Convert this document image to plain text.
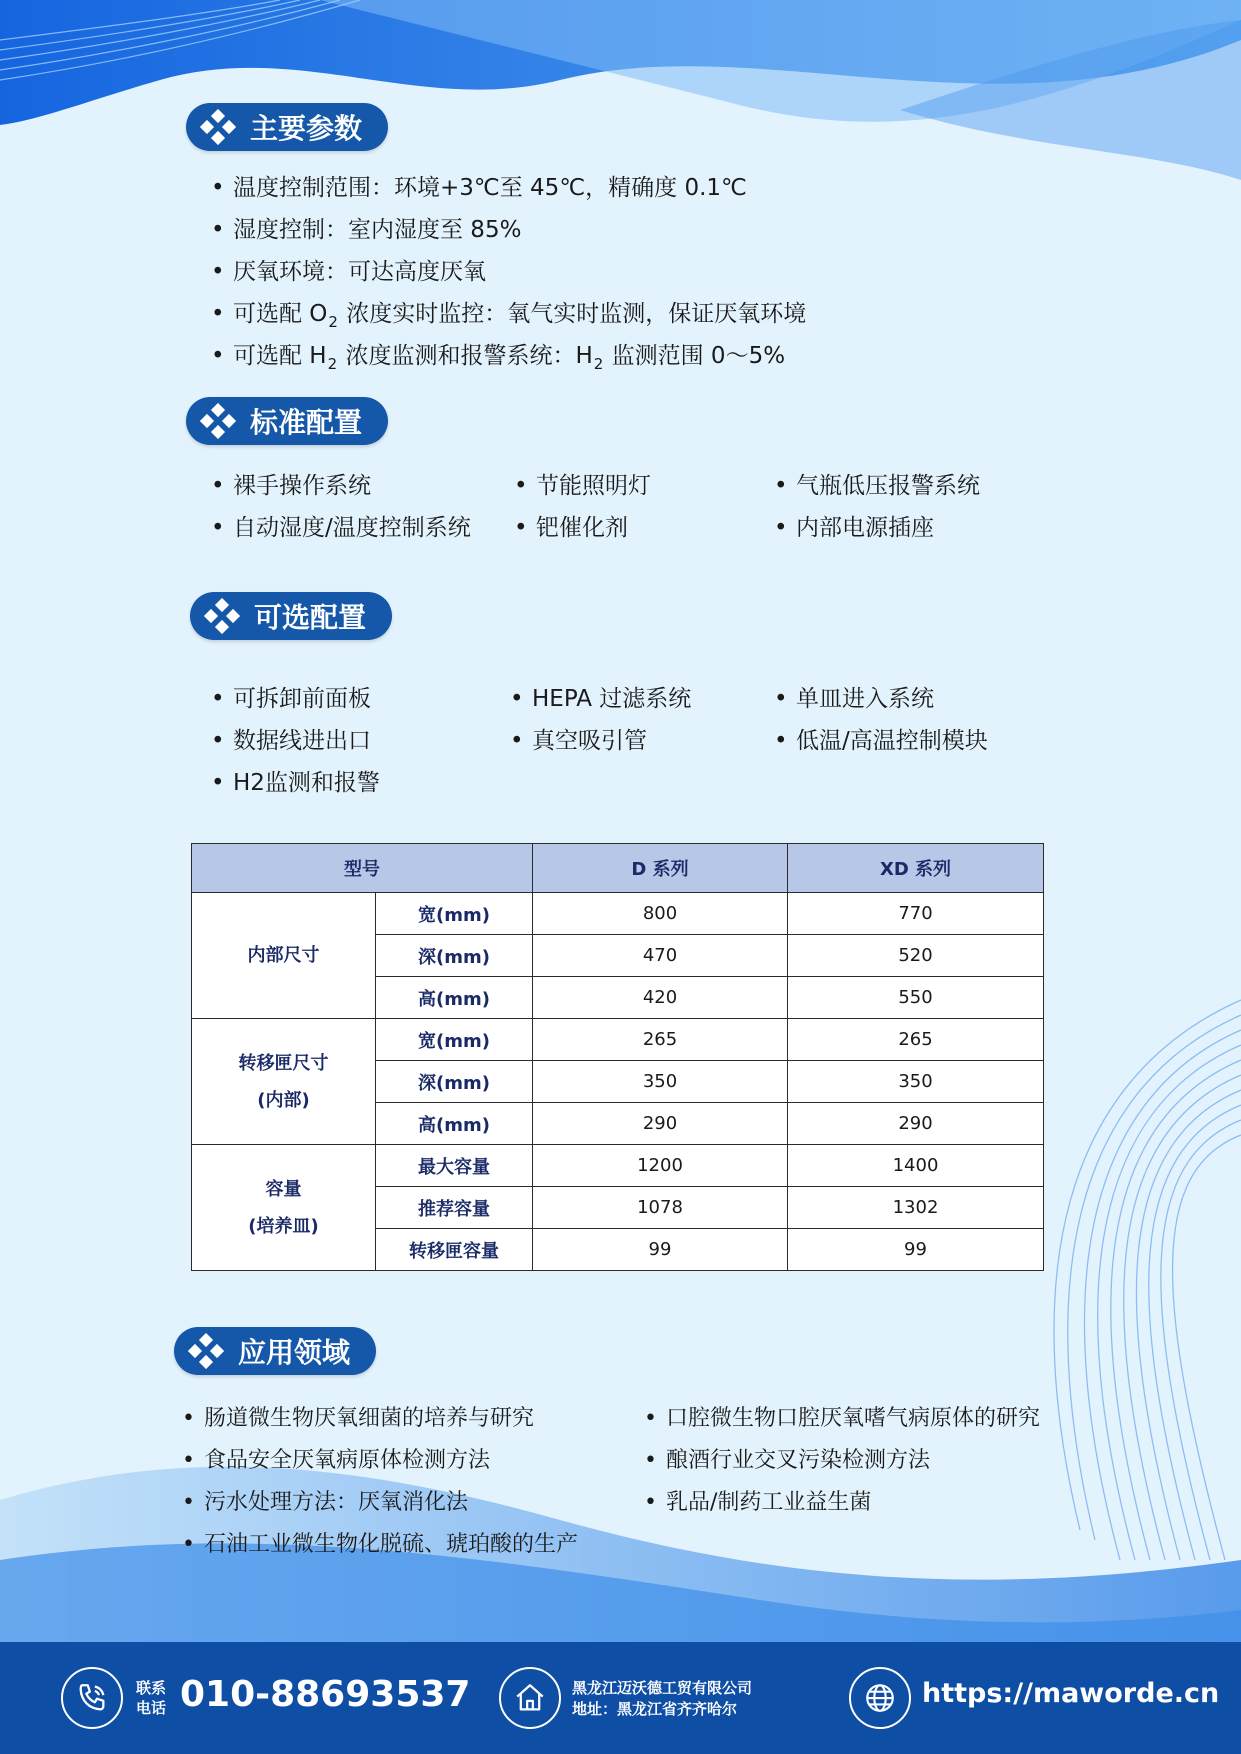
主要参数
• 温度控制范围：环境+3℃至 45℃，精确度 0.1℃
• 湿度控制：室内湿度至 85%
• 厌氧环境：可达高度厌氧
• 可选配 $O_2$ 浓度实时监控：氧气实时监测，保证厌氧环境
• 可选配 $H_2$ 浓度监测和报警系统：$H_2$ 监测范围 0～5%
标准配置
• 裸手操作系统
• 自动湿度/温度控制系统
• 节能照明灯
• 钯催化剂
• 气瓶低压报警系统
• 内部电源插座
可选配置
• 可拆卸前面板
• 数据线进出口
• H2监测和报警
• HEPA 过滤系统
• 真空吸引管
• 单皿进入系统
• 低温/高温控制模块
型号		D 系列	XD 系列

内部尺寸	宽(mm)	800	770
	深(mm)	470	520
	高(mm)	420	550

转移匣尺寸
(内部)	宽(mm)	265	265
	深(mm)	350	350
	高(mm)	290	290

容量
(培养皿)	最大容量	1200	1400
	推荐容量	1078	1302
	转移匣容量	99	99
应用领域
• 肠道微生物厌氧细菌的培养与研究
• 食品安全厌氧病原体检测方法
• 污水处理方法：厌氧消化法
• 石油工业微生物化脱硫、琥珀酸的生产
• 口腔微生物口腔厌氧嗜气病原体的研究
• 酿酒行业交叉污染检测方法
• 乳品/制药工业益生菌
联系
电话 010-88693537	黑龙江迈沃德工贸有限公司
地址：黑龙江省齐齐哈尔	https://maworde.cn
